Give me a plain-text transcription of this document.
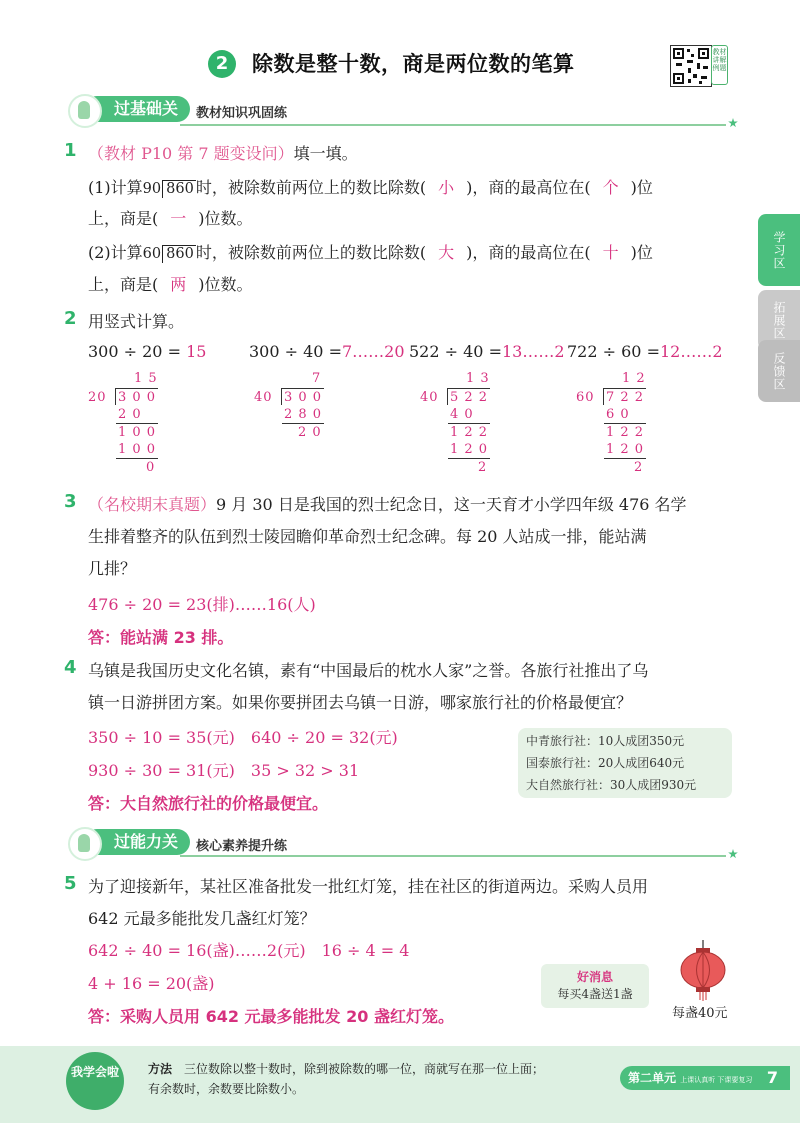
2	除数是整十数，商是两位数的笔算	教材讲解例题
过基础关	教材知识巩固练
学习区
拓展区
反馈区
1 （教材 P10 第 7 题变设问）填一填。
(1)计算90 860 时，被除数前两位上的数比除数( 小 )，商的最高位在( 个 )位
上，商是( 一 )位数。
(2)计算60 860 时，被除数前两位上的数比除数( 大 )，商的最高位在( 十 )位
上，商是( 两 )位数。
2 用竖式计算。
300 ÷ 20 = 15	300 ÷ 40 =7……20 522 ÷ 40 =13……2 722 ÷ 60 =12……2
1 5
20 3 0 0
2 0
1 0 0
1 0 0
0
7
40 3 0 0
2 8 0
2 0
1 3
40 5 2 2
4 0
1 2 2
1 2 0
2
1 2
60 7 2 2
6 0
1 2 2
1 2 0
2
3 （名校期末真题）9 月 30 日是我国的烈士纪念日，这一天育才小学四年级 476 名学
生排着整齐的队伍到烈士陵园瞻仰革命烈士纪念碑。每 20 人站成一排，能站满
几排？
476 ÷ 20 = 23(排)……16(人)
答：能站满 23 排。
4 乌镇是我国历史文化名镇，素有“中国最后的枕水人家”之誉。各旅行社推出了乌
镇一日游拼团方案。如果你要拼团去乌镇一日游，哪家旅行社的价格最便宜？
350 ÷ 10 = 35(元)　640 ÷ 20 = 32(元)
930 ÷ 30 = 31(元)　35 > 32 > 31
答：大自然旅行社的价格最便宜。
中青旅行社：10人成团350元
国泰旅行社：20人成团640元
大自然旅行社：30人成团930元
过能力关	核心素养提升练
5 为了迎接新年，某社区准备批发一批红灯笼，挂在社区的街道两边。采购人员用
642 元最多能批发几盏红灯笼？
642 ÷ 40 = 16(盏)……2(元)　16 ÷ 4 = 4
4 + 16 = 20(盏)
答：采购人员用 642 元最多能批发 20 盏红灯笼。
好消息
每买4盏送1盏
每盏40元
我学会啦	方法　 三位数除以整十数时，除到被除数的哪一位，商就写在那一位上面；
有余数时，余数要比除数小。
第二单元 上课认真听 下课要复习 7
